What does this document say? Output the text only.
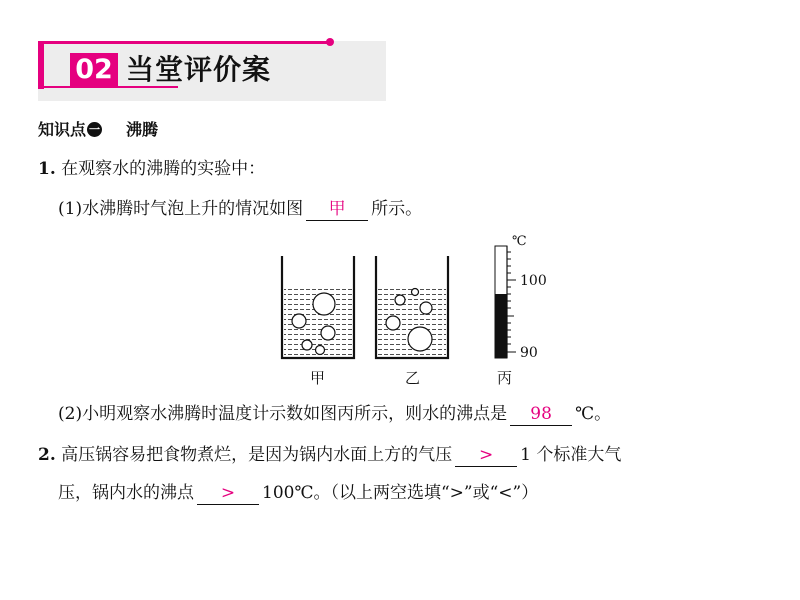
02 当堂评价案
知识点 一 沸腾
1. 在观察水的沸腾的实验中：
(1)水沸腾时气泡上升的情况如图 甲 所示。
℃
100
90
甲	乙	丙
(2)小明观察水沸腾时温度计示数如图丙所示，则水的沸点是 98 ℃。
2. 高压锅容易把食物煮烂，是因为锅内水面上方的气压 > 1 个标准大气
压，锅内水的沸点 > 100℃。（以上两空选填“>”或“<”）
